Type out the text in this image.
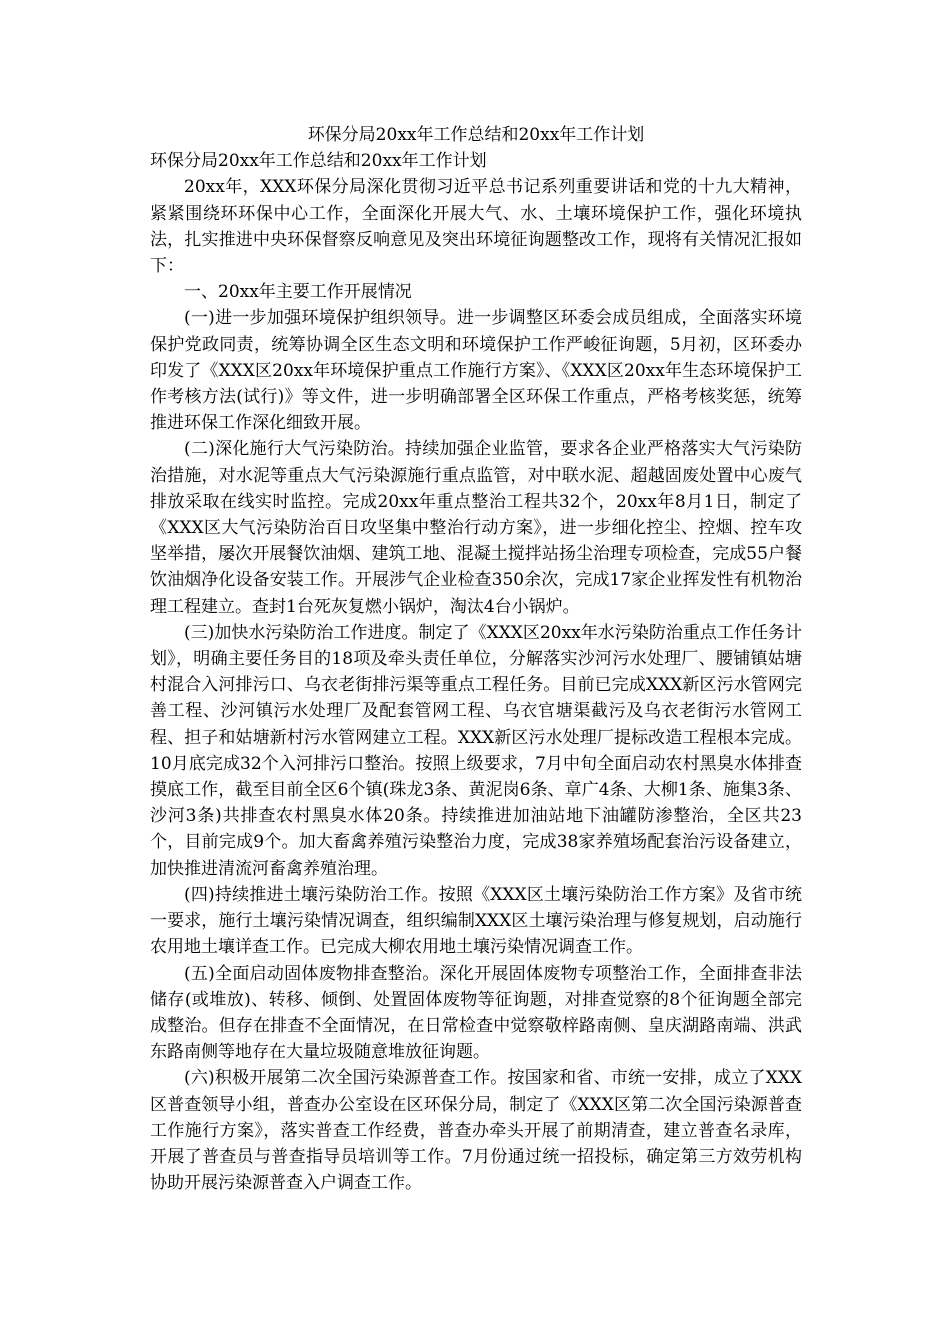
环保分局20xx年工作总结和20xx年工作计划

环保分局20xx年工作总结和20xx年工作计划

20xx年，XXX环保分局深化贯彻习近平总书记系列重要讲话和党的十九大精神，紧紧围绕环环保中心工作，全面深化开展大气、水、土壤环境保护工作，强化环境执法，扎实推进中央环保督察反响意见及突出环境征询题整改工作，现将有关情况汇报如下：

一、20xx年主要工作开展情况

(一)进一步加强环境保护组织领导。进一步调整区环委会成员组成，全面落实环境保护党政同责，统筹协调全区生态文明和环境保护工作严峻征询题，5月初，区环委办印发了《XXX区20xx年环境保护重点工作施行方案》、《XXX区20xx年生态环境保护工作考核方法(试行)》等文件，进一步明确部署全区环保工作重点，严格考核奖惩，统筹推进环保工作深化细致开展。

(二)深化施行大气污染防治。持续加强企业监管，要求各企业严格落实大气污染防治措施，对水泥等重点大气污染源施行重点监管，对中联水泥、超越固废处置中心废气排放采取在线实时监控。完成20xx年重点整治工程共32个，20xx年8月1日，制定了《XXX区大气污染防治百日攻坚集中整治行动方案》，进一步细化控尘、控烟、控车攻坚举措，屡次开展餐饮油烟、建筑工地、混凝土搅拌站扬尘治理专项检查，完成55户餐饮油烟净化设备安装工作。开展涉气企业检查350余次，完成17家企业挥发性有机物治理工程建立。查封1台死灰复燃小锅炉，淘汰4台小锅炉。

(三)加快水污染防治工作进度。制定了《XXX区20xx年水污染防治重点工作任务计划》，明确主要任务目的18项及牵头责任单位，分解落实沙河污水处理厂、腰铺镇姑塘村混合入河排污口、乌衣老街排污渠等重点工程任务。目前已完成XXX新区污水管网完善工程、沙河镇污水处理厂及配套管网工程、乌衣官塘渠截污及乌衣老街污水管网工程、担子和姑塘新村污水管网建立工程。XXX新区污水处理厂提标改造工程根本完成。10月底完成32个入河排污口整治。按照上级要求，7月中旬全面启动农村黑臭水体排查摸底工作，截至目前全区6个镇(珠龙3条、黄泥岗6条、章广4条、大柳1条、施集3条、沙河3条)共排查农村黑臭水体20条。持续推进加油站地下油罐防渗整治，全区共23个，目前完成9个。加大畜禽养殖污染整治力度，完成38家养殖场配套治污设备建立，加快推进清流河畜禽养殖治理。

(四)持续推进土壤污染防治工作。按照《XXX区土壤污染防治工作方案》及省市统一要求，施行土壤污染情况调查，组织编制XXX区土壤污染治理与修复规划，启动施行农用地土壤详查工作。已完成大柳农用地土壤污染情况调查工作。

(五)全面启动固体废物排查整治。深化开展固体废物专项整治工作，全面排查非法储存(或堆放)、转移、倾倒、处置固体废物等征询题，对排查觉察的8个征询题全部完成整治。但存在排查不全面情况，在日常检查中觉察敬梓路南侧、皇庆湖路南端、洪武东路南侧等地存在大量垃圾随意堆放征询题。

(六)积极开展第二次全国污染源普查工作。按国家和省、市统一安排，成立了XXX区普查领导小组，普查办公室设在区环保分局，制定了《XXX区第二次全国污染源普查工作施行方案》，落实普查工作经费，普查办牵头开展了前期清查，建立普查名录库，开展了普查员与普查指导员培训等工作。7月份通过统一招投标，确定第三方效劳机构协助开展污染源普查入户调查工作。
